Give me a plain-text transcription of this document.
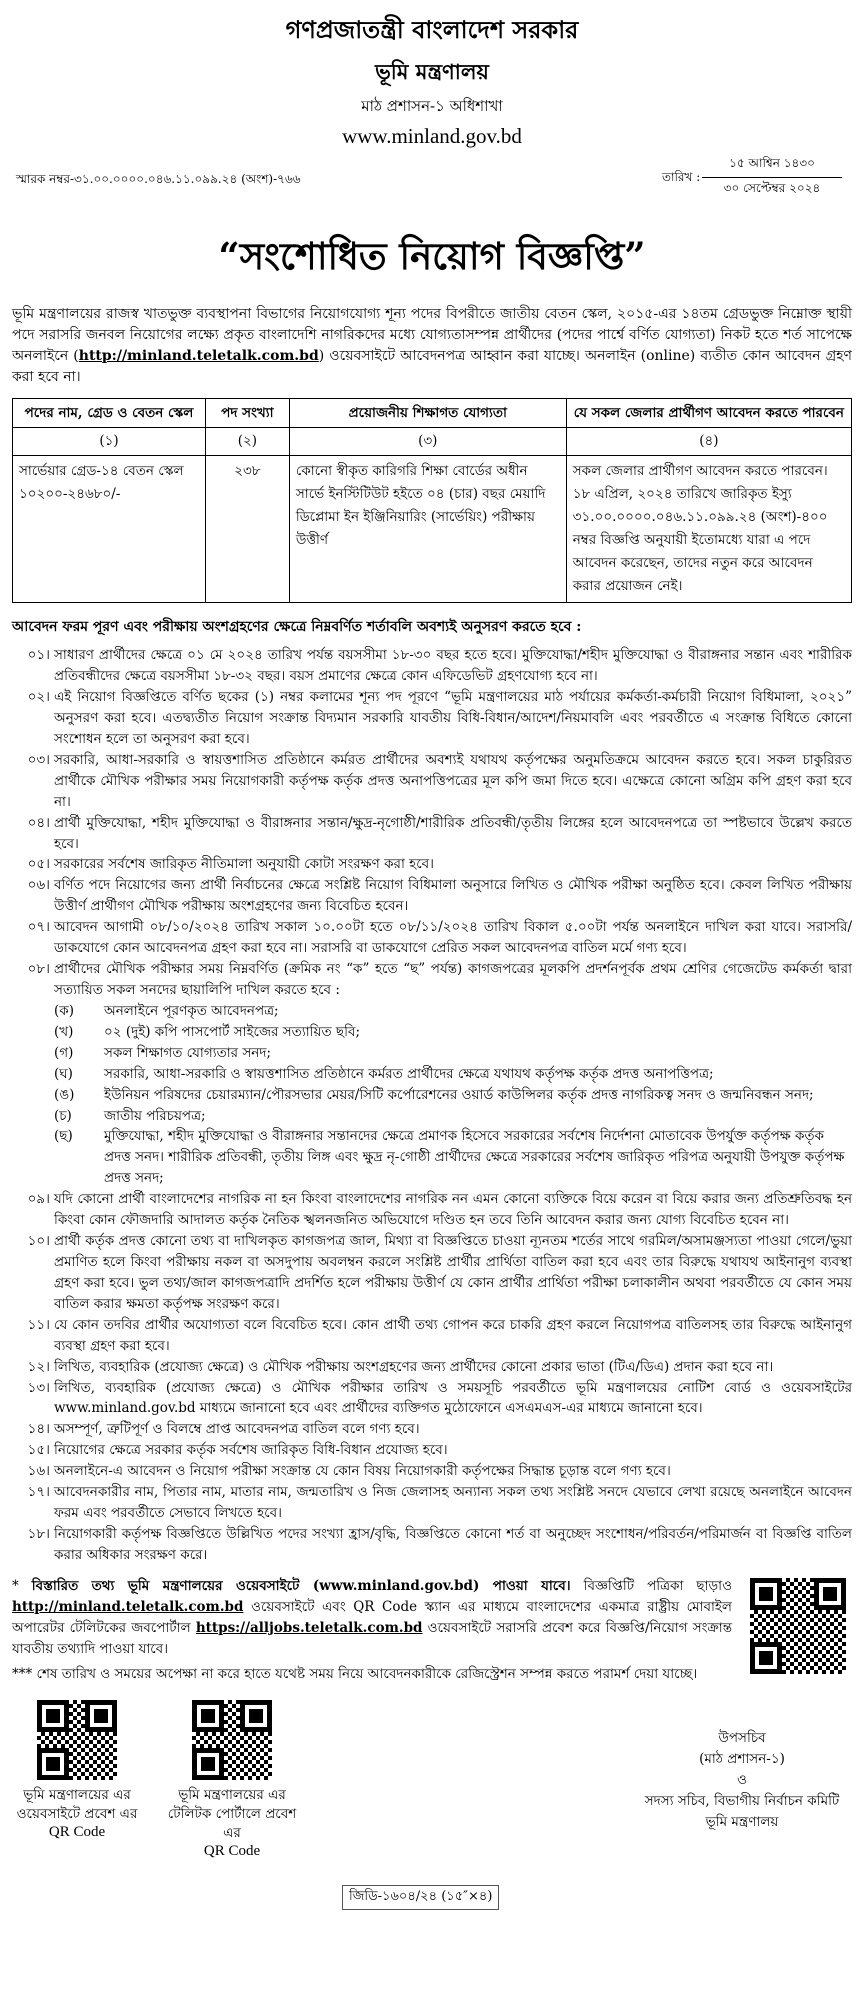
গণপ্রজাতন্ত্রী বাংলাদেশ সরকার
ভূমি মন্ত্রণালয়
মাঠ প্রশাসন-১ অধিশাখা
www.minland.gov.bd
স্মারক নম্বর-৩১.০০.০০০০.০৪৬.১১.০৯৯.২৪ (অংশ)-৭৬৬	তারিখ :
১৫ আশ্বিন ১৪৩০
৩০ সেপ্টেম্বর ২০২৪
“সংশোধিত নিয়োগ বিজ্ঞপ্তি”
ভূমি মন্ত্রণালয়ের রাজস্ব খাতভুক্ত ব্যবস্থাপনা বিভাগের নিয়োগযোগ্য শূন্য পদের বিপরীতে জাতীয় বেতন স্কেল, ২০১৫-এর ১৪তম গ্রেডভুক্ত নিম্নোক্ত স্থায়ী পদে সরাসরি জনবল নিয়োগের লক্ষ্যে প্রকৃত বাংলাদেশি নাগরিকদের মধ্যে যোগ্যতাসম্পন্ন প্রার্থীদের (পদের পার্শ্বে বর্ণিত যোগ্যতা) নিকট হতে শর্ত সাপেক্ষে অনলাইনে (http://minland.teletalk.com.bd) ওয়েবসাইটে আবেদনপত্র আহ্বান করা যাচ্ছে। অনলাইন (online) ব্যতীত কোন আবেদন গ্রহণ করা হবে না।
পদের নাম, গ্রেড ও বেতন স্কেল	পদ সংখ্যা	প্রয়োজনীয় শিক্ষাগত যোগ্যতা	যে সকল জেলার প্রার্থীগণ আবেদন করতে পারবেন
(১)	(২)	(৩)	(৪)
সার্ভেয়ার গ্রেড-১৪ বেতন স্কেল ১০২০০-২৪৬৮০/-	২৩৮	কোনো স্বীকৃত কারিগরি শিক্ষা বোর্ডের অধীন সার্ভে ইনস্টিটিউট হইতে ০৪ (চার) বছর মেয়াদি ডিপ্লোমা ইন ইঞ্জিনিয়ারিং (সার্ভেয়িং) পরীক্ষায় উত্তীর্ণ	সকল জেলার প্রার্থীগণ আবেদন করতে পারবেন। ১৮ এপ্রিল, ২০২৪ তারিখে জারিকৃত ইস্যু ৩১.০০.০০০০.০৪৬.১১.০৯৯.২৪ (অংশ)-৪০০ নম্বর বিজ্ঞপ্তি অনুযায়ী ইতোমধ্যে যারা এ পদে আবেদন করেছেন, তাদের নতুন করে আবেদন করার প্রয়োজন নেই।
আবেদন ফরম পূরণ এবং পরীক্ষায় অংশগ্রহণের ক্ষেত্রে নিম্নবর্ণিত শর্তাবলি অবশ্যই অনুসরণ করতে হবে :
০১। সাধারণ প্রার্থীদের ক্ষেত্রে ০১ মে ২০২৪ তারিখ পর্যন্ত বয়সসীমা ১৮-৩০ বছর হতে হবে। মুক্তিযোদ্ধা/শহীদ মুক্তিযোদ্ধা ও বীরাঙ্গনার সন্তান এবং শারীরিক প্রতিবন্ধীদের ক্ষেত্রে বয়সসীমা ১৮-৩২ বছর। বয়স প্রমাণের ক্ষেত্রে কোন এফিডেভিট গ্রহণযোগ্য হবে না।
০২। এই নিয়োগ বিজ্ঞপ্তিতে বর্ণিত ছকের (১) নম্বর কলামের শূন্য পদ পূরণে “ভূমি মন্ত্রণালয়ের মাঠ পর্যায়ের কর্মকর্তা-কর্মচারী নিয়োগ বিধিমালা, ২০২১” অনুসরণ করা হবে। এতদ্ব্যতীত নিয়োগ সংক্রান্ত বিদ্যমান সরকারি যাবতীয় বিধি-বিধান/আদেশ/নিয়মাবলি এবং পরবর্তীতে এ সংক্রান্ত বিধিতে কোনো সংশোধন হলে তা অনুসরণ করা হবে।
০৩। সরকারি, আধা-সরকারি ও স্বায়ত্তশাসিত প্রতিষ্ঠানে কর্মরত প্রার্থীদের অবশ্যই যথাযথ কর্তৃপক্ষের অনুমতিক্রমে আবেদন করতে হবে। সকল চাকুরিরত প্রার্থীকে মৌখিক পরীক্ষার সময় নিয়োগকারী কর্তৃপক্ষ কর্তৃক প্রদত্ত অনাপত্তিপত্রের মূল কপি জমা দিতে হবে। এক্ষেত্রে কোনো অগ্রিম কপি গ্রহণ করা হবে না।
০৪। প্রার্থী মুক্তিযোদ্ধা, শহীদ মুক্তিযোদ্ধা ও বীরাঙ্গনার সন্তান/ক্ষুদ্র-নৃগোষ্ঠী/শারীরিক প্রতিবন্ধী/তৃতীয় লিঙ্গের হলে আবেদনপত্রে তা স্পষ্টভাবে উল্লেখ করতে হবে।
০৫। সরকারের সর্বশেষ জারিকৃত নীতিমালা অনুযায়ী কোটা সংরক্ষণ করা হবে।
০৬। বর্ণিত পদে নিয়োগের জন্য প্রার্থী নির্বাচনের ক্ষেত্রে সংশ্লিষ্ট নিয়োগ বিধিমালা অনুসারে লিখিত ও মৌখিক পরীক্ষা অনুষ্ঠিত হবে। কেবল লিখিত পরীক্ষায় উত্তীর্ণ প্রার্থীগণ মৌখিক পরীক্ষায় অংশগ্রহণের জন্য বিবেচিত হবেন।
০৭। আবেদন আগামী ০৮/১০/২০২৪ তারিখ সকাল ১০.০০টা হতে ০৮/১১/২০২৪ তারিখ বিকাল ৫.০০টা পর্যন্ত অনলাইনে দাখিল করা যাবে। সরাসরি/ডাকযোগে কোন আবেদনপত্র গ্রহণ করা হবে না। সরাসরি বা ডাকযোগে প্রেরিত সকল আবেদনপত্র বাতিল মর্মে গণ্য হবে।
০৮। প্রার্থীদের মৌখিক পরীক্ষার সময় নিম্নবর্ণিত (ক্রমিক নং “ক” হতে “ছ” পর্যন্ত) কাগজপত্রের মূলকপি প্রদর্শনপূর্বক প্রথম শ্রেণির গেজেটেড কর্মকর্তা দ্বারা সত্যায়িত সকল সনদের ছায়ালিপি দাখিল করতে হবে :
(ক)	অনলাইনে পূরণকৃত আবেদনপত্র;
(খ)	০২ (দুই) কপি পাসপোর্ট সাইজের সত্যায়িত ছবি;
(গ)	সকল শিক্ষাগত যোগ্যতার সনদ;
(ঘ)	সরকারি, আধা-সরকারি ও স্বায়ত্তশাসিত প্রতিষ্ঠানে কর্মরত প্রার্থীদের ক্ষেত্রে যথাযথ কর্তৃপক্ষ কর্তৃক প্রদত্ত অনাপত্তিপত্র;
(ঙ)	ইউনিয়ন পরিষদের চেয়ারম্যান/পৌরসভার মেয়র/সিটি কর্পোরেশনের ওয়ার্ড কাউন্সিলর কর্তৃক প্রদত্ত নাগরিকত্ব সনদ ও জন্মনিবন্ধন সনদ;
(চ)	জাতীয় পরিচয়পত্র;
(ছ)	মুক্তিযোদ্ধা, শহীদ মুক্তিযোদ্ধা ও বীরাঙ্গনার সন্তানদের ক্ষেত্রে প্রমাণক হিসেবে সরকারের সর্বশেষ নির্দেশনা মোতাবেক উপর্যুক্ত কর্তৃপক্ষ কর্তৃক প্রদত্ত সনদ। শারীরিক প্রতিবন্ধী, তৃতীয় লিঙ্গ এবং ক্ষুদ্র নৃ-গোষ্ঠী প্রার্থীদের ক্ষেত্রে সরকারের সর্বশেষ জারিকৃত পরিপত্র অনুযায়ী উপযুক্ত কর্তৃপক্ষ প্রদত্ত সনদ;
০৯। যদি কোনো প্রার্থী বাংলাদেশের নাগরিক না হন কিংবা বাংলাদেশের নাগরিক নন এমন কোনো ব্যক্তিকে বিয়ে করেন বা বিয়ে করার জন্য প্রতিশ্রুতিবদ্ধ হন কিংবা কোন ফৌজদারি আদালত কর্তৃক নৈতিক স্খলনজনিত অভিযোগে দণ্ডিত হন তবে তিনি আবেদন করার জন্য যোগ্য বিবেচিত হবেন না।
১০। প্রার্থী কর্তৃক প্রদত্ত কোনো তথ্য বা দাখিলকৃত কাগজপত্র জাল, মিথ্যা বা বিজ্ঞপ্তিতে চাওয়া ন্যূনতম শর্তের সাথে গরমিল/অসামঞ্জস্যতা পাওয়া গেলে/ভুয়া প্রমাণিত হলে কিংবা পরীক্ষায় নকল বা অসদুপায় অবলম্বন করলে সংশ্লিষ্ট প্রার্থীর প্রার্থিতা বাতিল করা হবে এবং তার বিরুদ্ধে যথাযথ আইনানুগ ব্যবস্থা গ্রহণ করা হবে। ভুল তথ্য/জাল কাগজপত্রাদি প্রদর্শিত হলে পরীক্ষায় উত্তীর্ণ যে কোন প্রার্থীর প্রার্থিতা পরীক্ষা চলাকালীন অথবা পরবর্তীতে যে কোন সময় বাতিল করার ক্ষমতা কর্তৃপক্ষ সংরক্ষণ করে।
১১। যে কোন তদবির প্রার্থীর অযোগ্যতা বলে বিবেচিত হবে। কোন প্রার্থী তথ্য গোপন করে চাকরি গ্রহণ করলে নিয়োগপত্র বাতিলসহ তার বিরুদ্ধে আইনানুগ ব্যবস্থা গ্রহণ করা হবে।
১২। লিখিত, ব্যবহারিক (প্রযোজ্য ক্ষেত্রে) ও মৌখিক পরীক্ষায় অংশগ্রহণের জন্য প্রার্থীদের কোনো প্রকার ভাতা (টিএ/ডিএ) প্রদান করা হবে না।
১৩। লিখিত, ব্যবহারিক (প্রযোজ্য ক্ষেত্রে) ও মৌখিক পরীক্ষার তারিখ ও সময়সূচি পরবর্তীতে ভূমি মন্ত্রণালয়ের নোটিশ বোর্ড ও ওয়েবসাইটের www.minland.gov.bd মাধ্যমে জানানো হবে এবং প্রার্থীদের ব্যক্তিগত মুঠোফোনে এসএমএস-এর মাধ্যমে জানানো হবে।
১৪। অসম্পূর্ণ, ত্রুটিপূর্ণ ও বিলম্বে প্রাপ্ত আবেদনপত্র বাতিল বলে গণ্য হবে।
১৫। নিয়োগের ক্ষেত্রে সরকার কর্তৃক সর্বশেষ জারিকৃত বিধি-বিধান প্রযোজ্য হবে।
১৬। অনলাইনে-এ আবেদন ও নিয়োগ পরীক্ষা সংক্রান্ত যে কোন বিষয় নিয়োগকারী কর্তৃপক্ষের সিদ্ধান্ত চূড়ান্ত বলে গণ্য হবে।
১৭। আবেদনকারীর নাম, পিতার নাম, মাতার নাম, জন্মতারিখ ও নিজ জেলাসহ অন্যান্য সকল তথ্য সংশ্লিষ্ট সনদে যেভাবে লেখা রয়েছে অনলাইনে আবেদন ফরম এবং পরবর্তীতে সেভাবে লিখতে হবে।
১৮। নিয়োগকারী কর্তৃপক্ষ বিজ্ঞপ্তিতে উল্লিখিত পদের সংখ্যা হ্রাস/বৃদ্ধি, বিজ্ঞপ্তিতে কোনো শর্ত বা অনুচ্ছেদ সংশোধন/পরিবর্তন/পরিমার্জন বা বিজ্ঞপ্তি বাতিল করার অধিকার সংরক্ষণ করে।
* বিস্তারিত তথ্য ভূমি মন্ত্রণালয়ের ওয়েবসাইটে (www.minland.gov.bd) পাওয়া যাবে। বিজ্ঞপ্তিটি পত্রিকা ছাড়াও http://minland.teletalk.com.bd ওয়েবসাইটে এবং QR Code স্ক্যান এর মাধ্যমে বাংলাদেশের একমাত্র রাষ্ট্রীয় মোবাইল অপারেটর টেলিটকের জবপোর্টাল https://alljobs.teletalk.com.bd ওয়েবসাইটে সরাসরি প্রবেশ করে বিজ্ঞপ্তি/নিয়োগ সংক্রান্ত যাবতীয় তথ্যাদি পাওয়া যাবে।
*** শেষ তারিখ ও সময়ের অপেক্ষা না করে হাতে যথেষ্ট সময় নিয়ে আবেদনকারীকে রেজিস্ট্রেশন সম্পন্ন করতে পরামর্শ দেয়া যাচ্ছে।
ভূমি মন্ত্রণালয়ের এর ওয়েবসাইটে প্রবেশ এর
QR Code
ভূমি মন্ত্রণালয়ের এর টেলিটক পোর্টালে প্রবেশ এর
QR Code
উপসচিব
(মাঠ প্রশাসন-১)
ও
সদস্য সচিব, বিভাগীয় নির্বাচন কমিটি
ভূমি মন্ত্রণালয়
জিডি-১৬০৪/২৪ (১৫″×৪)
